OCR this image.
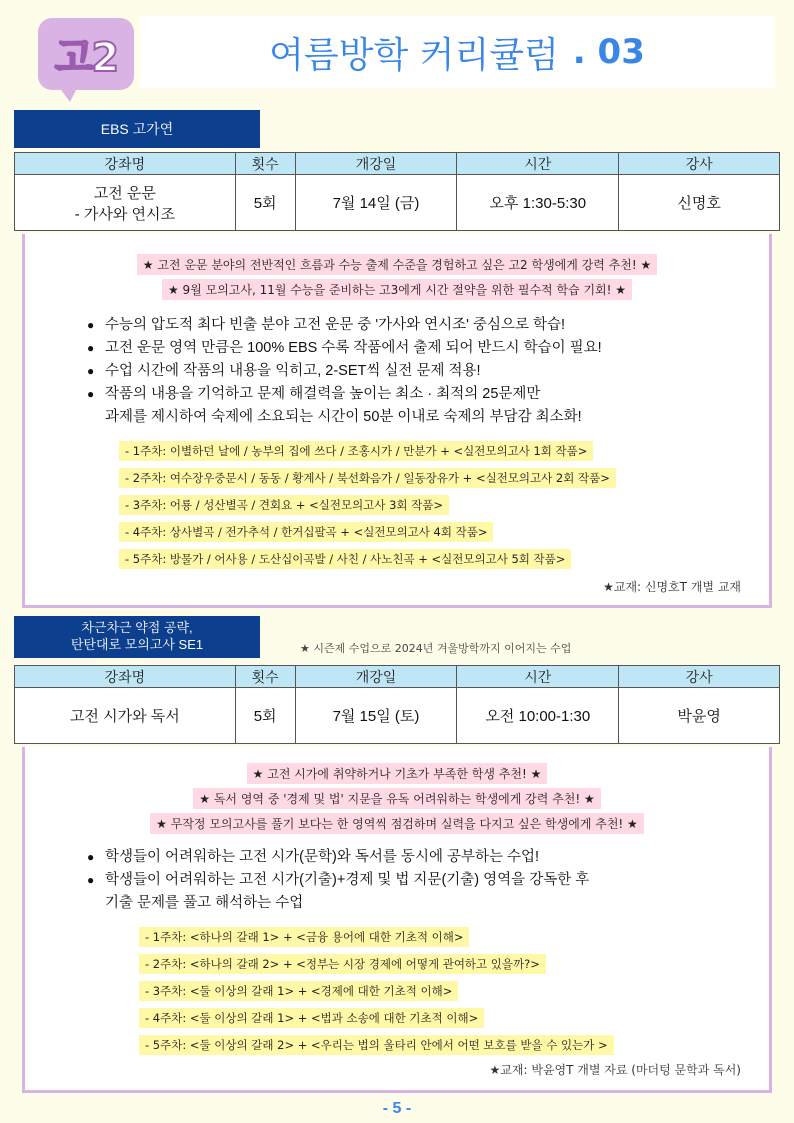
고2	여름방학 커리큘럼 . 03
EBS 고가연
강좌명	횟수	개강일	시간	강사

고전 운문
- 가사와 연시조	5회	7월 14일 (금)	오후 1:30-5:30	신명호
★ 고전 운문 분야의 전반적인 흐름과 수능 출제 수준을 경험하고 싶은 고2 학생에게 강력 추천! ★
★ 9월 모의고사, 11월 수능을 준비하는 고3에게 시간 절약을 위한 필수적 학습 기회! ★
● 수능의 압도적 최다 빈출 분야 고전 운문 중 '가사와 연시조' 중심으로 학습!
● 고전 운문 영역 만큼은 100% EBS 수록 작품에서 출제 되어 반드시 학습이 필요!
● 수업 시간에 작품의 내용을 익히고, 2-SET씩 실전 문제 적용!
● 작품의 내용을 기억하고 문제 해결력을 높이는 최소 · 최적의 25문제만
과제를 제시하여 숙제에 소요되는 시간이 50분 이내로 숙제의 부담감 최소화!
- 1주차: 이별하던 날에 / 농부의 집에 쓰다 / 조홍시가 / 만분가 + <실전모의고사 1회 작품>
- 2주차: 여수장우중문시 / 동동 / 황계사 / 북선화음가 / 일동장유가 + <실전모의고사 2회 작품>
- 3주차: 어룡 / 성산별곡 / 견회요 + <실전모의고사 3회 작품>
- 4주차: 상사별곡 / 전가추석 / 한거십팔곡 + <실전모의고사 4회 작품>
- 5주차: 방물가 / 어사용 / 도산십이곡발 / 사친 / 사노친곡 + <실전모의고사 5회 작품>
★교재: 신명호T 개별 교재
차근차근 약점 공략,
탄탄대로 모의고사 SE1	★ 시즌제 수업으로 2024년 겨울방학까지 이어지는 수업
강좌명	횟수	개강일	시간	강사
고전 시가와 독서	5회	7월 15일 (토)	오전 10:00-1:30	박윤영
★ 고전 시가에 취약하거나 기초가 부족한 학생 추천! ★
★ 독서 영역 중 '경제 및 법' 지문을 유독 어려워하는 학생에게 강력 추천! ★
★ 무작정 모의고사를 풀기 보다는 한 영역씩 점검하며 실력을 다지고 싶은 학생에게 추천! ★
● 학생들이 어려워하는 고전 시가(문학)와 독서를 동시에 공부하는 수업!
● 학생들이 어려워하는 고전 시가(기출)+경제 및 법 지문(기출) 영역을 강독한 후
기출 문제를 풀고 해석하는 수업
- 1주차: <하나의 갈래 1> + <금융 용어에 대한 기초적 이해>
- 2주차: <하나의 갈래 2> + <정부는 시장 경제에 어떻게 관여하고 있을까?>
- 3주차: <둘 이상의 갈래 1> + <경제에 대한 기초적 이해>
- 4주차: <둘 이상의 갈래 1> + <법과 소송에 대한 기초적 이해>
- 5주차: <둘 이상의 갈래 2> + <우리는 법의 울타리 안에서 어떤 보호를 받을 수 있는가 >
★교재: 박윤영T 개별 자료 (마더텅 문학과 독서)
- 5 -
